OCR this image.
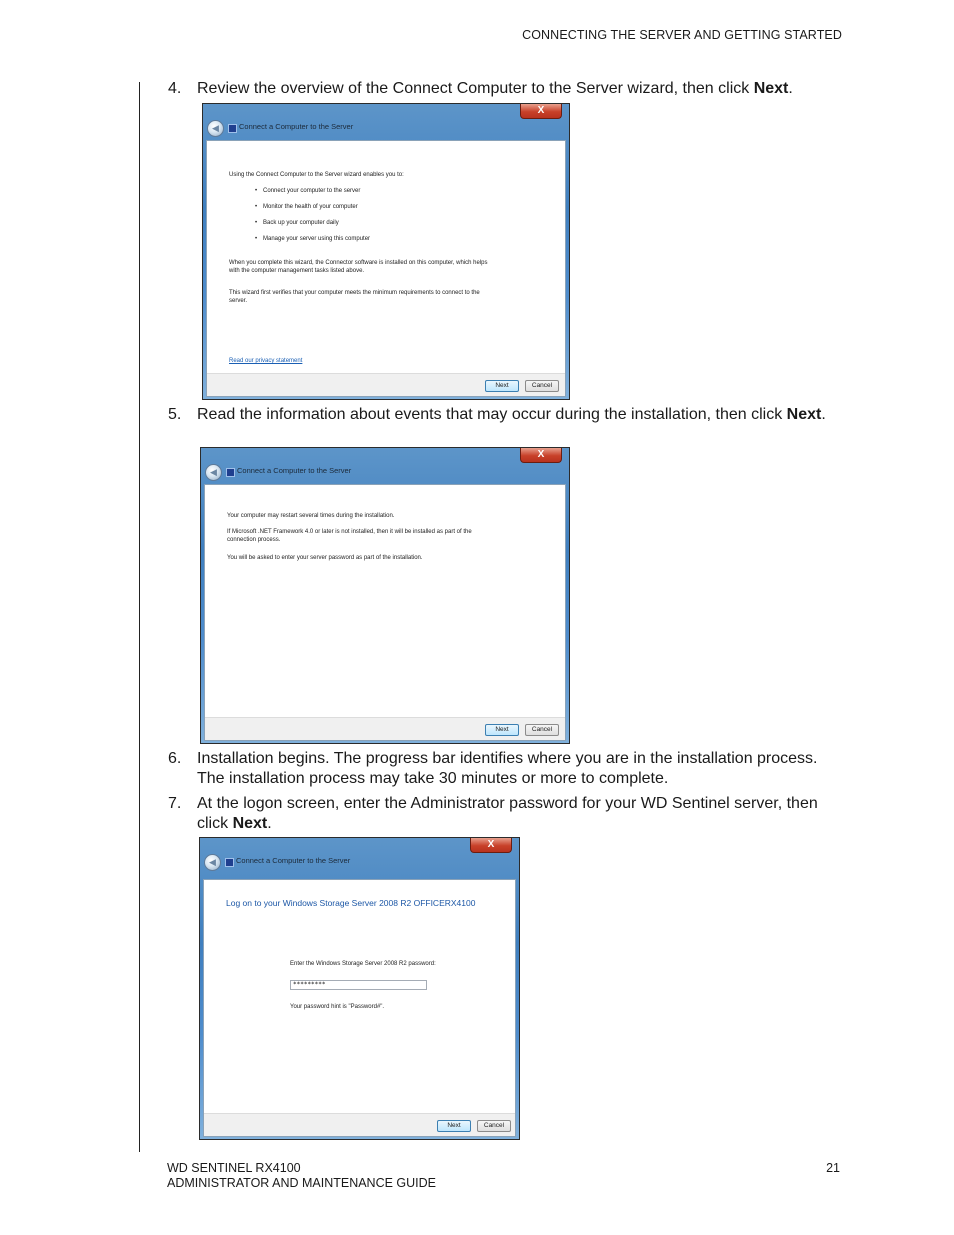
CONNECTING THE SERVER AND GETTING STARTED
4. Review the overview of the Connect Computer to the Server wizard, then click Next.
X
◀	Connect a Computer to the Server
Using the Connect Computer to the Server wizard enables you to:
• Connect your computer to the server
• Monitor the health of your computer
• Back up your computer daily
• Manage your server using this computer
When you complete this wizard, the Connector software is installed on this computer, which helps with the computer management tasks listed above.
This wizard first verifies that your computer meets the minimum requirements to connect to the server.
Read our privacy statement
Next	Cancel
5. Read the information about events that may occur during the installation, then click Next.
X
◀	Connect a Computer to the Server
Your computer may restart several times during the installation.
If Microsoft .NET Framework 4.0 or later is not installed, then it will be installed as part of the connection process.
You will be asked to enter your server password as part of the installation.
Next	Cancel
6. Installation begins. The progress bar identifies where you are in the installation process. The installation process may take 30 minutes or more to complete.
7. At the logon screen, enter the Administrator password for your WD Sentinel server, then click Next.
X
◀	Connect a Computer to the Server
Log on to your Windows Storage Server 2008 R2 OFFICERX4100
Enter the Windows Storage Server 2008 R2 password:
*********
Your password hint is "Password#".
Next	Cancel
WD SENTINEL RX4100
ADMINISTRATOR AND MAINTENANCE GUIDE
21
